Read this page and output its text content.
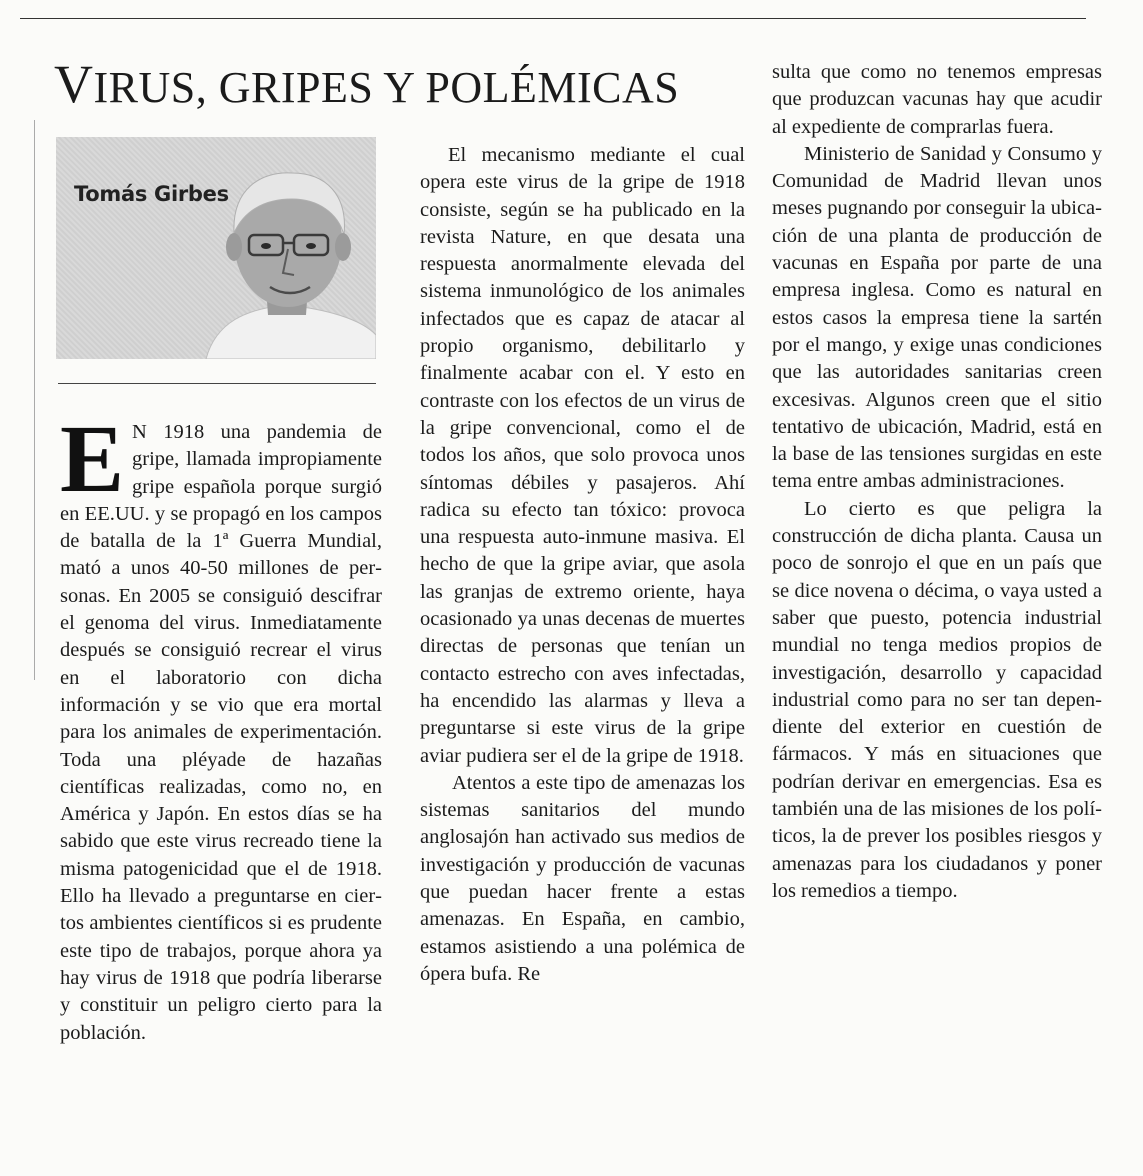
VIRUS, GRIPES Y POLÉMICAS

Tomás Girbes

E N 1918 una pandemia de gripe, llamada impropiamente gripe española porque surgió en EE.UU. y se propagó en los campos de batalla de la 1ª Guerra Mundial, mató a unos 40-50 millones de personas. En 2005 se consiguió descifrar el genoma del virus. Inmediatamente después se consiguió recrear el virus en el laboratorio con dicha información y se vio que era mortal para los animales de experimentación. Toda una pléyade de hazañas científicas realizadas, como no, en América y Japón. En estos días se ha sabido que este virus recreado tiene la misma patogenicidad que el de 1918. Ello ha llevado a preguntarse en ciertos ambientes científicos si es prudente este tipo de trabajos, porque ahora ya hay virus de 1918 que podría liberarse y constituir un peligro cierto para la población.

El mecanismo mediante el cual opera este virus de la gripe de 1918 consiste, según se ha publicado en la revista Nature, en que desata una respuesta anormalmente elevada del sistema inmunológico de los animales infectados que es capaz de atacar al propio organismo, debilitarlo y finalmente acabar con el. Y esto en contraste con los efectos de un virus de la gripe convencional, como el de todos los años, que solo provoca unos síntomas débiles y pasajeros. Ahí radica su efecto tan tóxico: provoca una respuesta auto-inmune masiva. El hecho de que la gripe aviar, que asola las granjas de extremo oriente, haya ocasionado ya unas decenas de muertes directas de personas que tenían un contacto estrecho con aves infectadas, ha encendido las alarmas y lleva a preguntarse si este virus de la gripe aviar pudiera ser el de la gripe de 1918.

Atentos a este tipo de amenazas los sistemas sanitarios del mundo anglosajón han activado sus medios de investigación y producción de vacunas que puedan hacer frente a estas amenazas. En España, en cambio, estamos asistiendo a una polémica de ópera bufa. Re

sulta que como no tenemos empresas que produzcan vacunas hay que acudir al expediente de comprarlas fuera.

Ministerio de Sanidad y Consumo y Comunidad de Madrid llevan unos meses pugnando por conseguir la ubicación de una planta de producción de vacunas en España por parte de una empresa inglesa. Como es natural en estos casos la empresa tiene la sartén por el mango, y exige unas condiciones que las autoridades sanitarias creen excesivas. Algunos creen que el sitio tentativo de ubicación, Madrid, está en la base de las tensiones surgidas en este tema entre ambas administraciones.

Lo cierto es que peligra la construcción de dicha planta. Causa un poco de sonrojo el que en un país que se dice novena o décima, o vaya usted a saber que puesto, potencia industrial mundial no tenga medios propios de investigación, desarrollo y capacidad industrial como para no ser tan dependiente del exterior en cuestión de fármacos. Y más en situaciones que podrían derivar en emergencias. Esa es también una de las misiones de los políticos, la de prever los posibles riesgos y amenazas para los ciudadanos y poner los remedios a tiempo.
